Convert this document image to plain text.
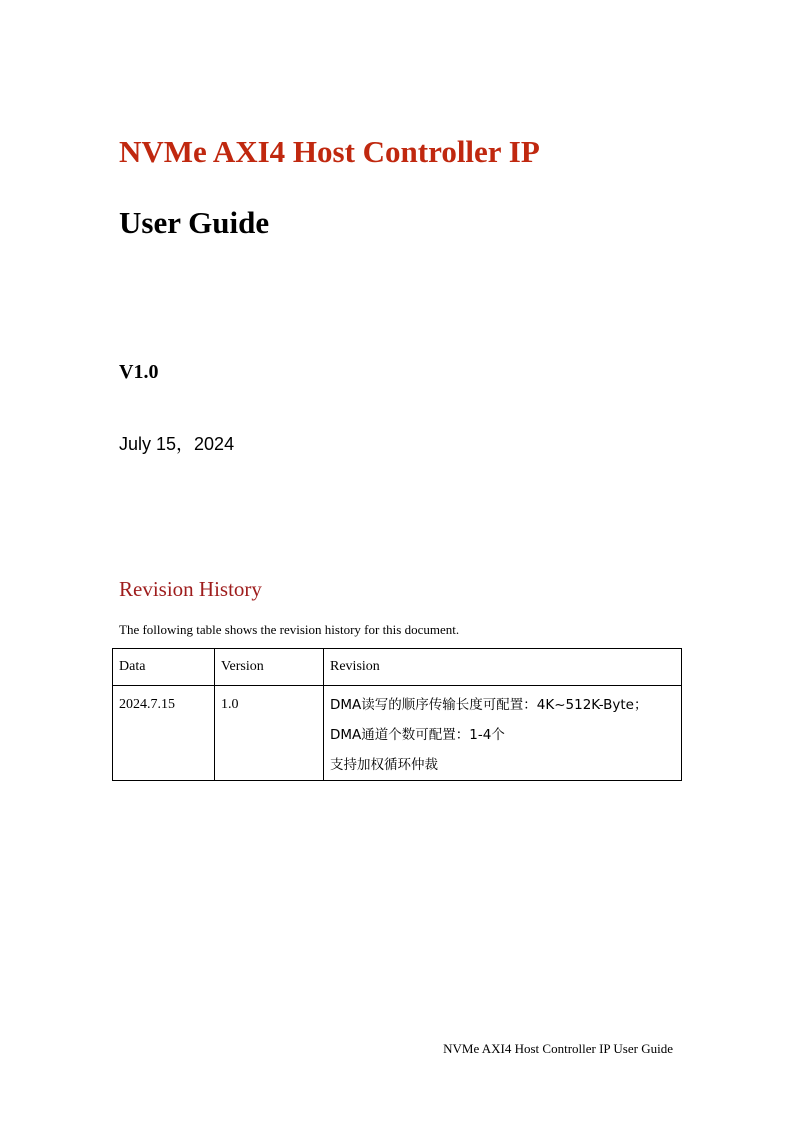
NVMe AXI4 Host Controller IP
User Guide
V1.0
July 15，2024
Revision History
The following table shows the revision history for this document.
Data	Version	Revision
2024.7.15	1.0	DMA读写的顺序传输长度可配置：4K~512K-Byte；
DMA通道个数可配置：1-4个
支持加权循环仲裁
NVMe AXI4 Host Controller IP User Guide
